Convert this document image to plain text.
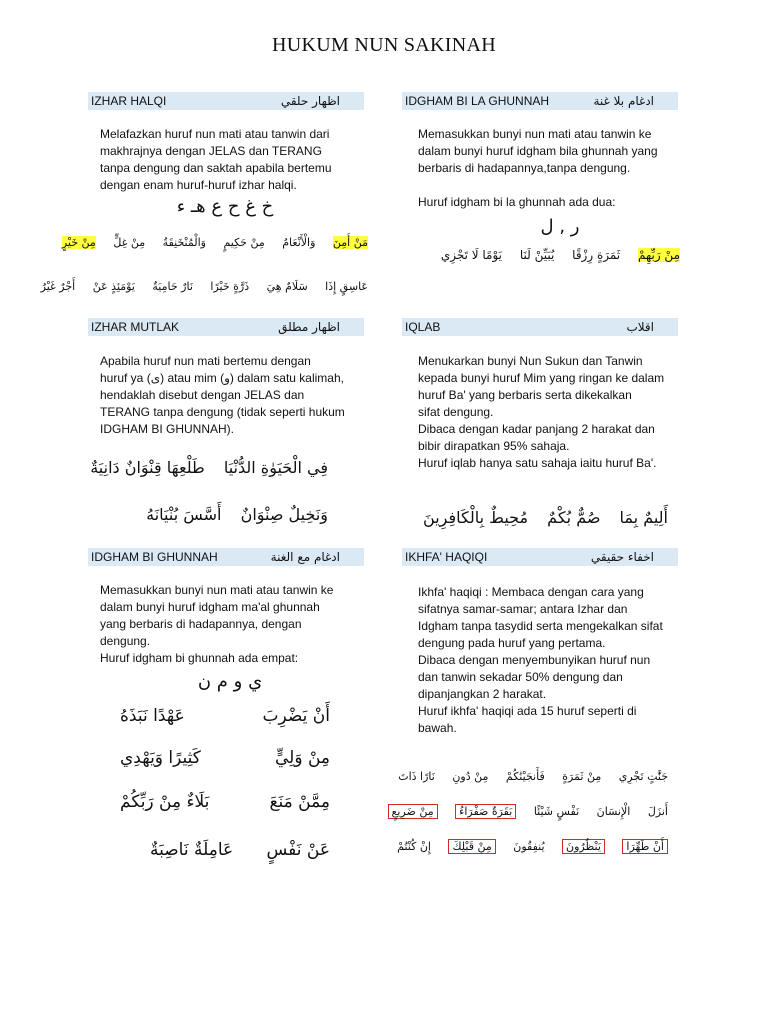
HUKUM NUN SAKINAH
IZHAR HALQI	اظهار حلقي
Melafazkan huruf nun mati atau tanwin dari
makhrajnya dengan JELAS dan TERANG
tanpa dengung dan saktah apabila bertemu
dengan enam huruf-huruf izhar halqi.
خ غ ح ع هـ ء
مَنْ أَمِنَ وَالْأَنْعَامُ مِنْ حَكِيمٍ وَالْمُنْخَنِقَةُ مِنْ غِلٍّ مِنْ خَيْرٍ
عَاسِقٍ إِذَا سَلَامٌ هِيَ ذَرَّةٍ خَيْرًا نَارٌ حَامِيَةٌ يَوْمَئِذٍ عَنْ أَجْرٌ غَيْرُ
IDGHAM BI LA GHUNNAH	ادغام بلا غنة
Memasukkan bunyi nun mati atau tanwin ke
dalam bunyi huruf idgham bila ghunnah yang
berbaris di hadapannya,tanpa dengung.

Huruf idgham bi la ghunnah ada dua:
ر , ل
مِنْ رَبِّهِمْ ثَمَرَةٍ رِزْقًا يُبَيِّنْ لَنَا يَوْمًا لَا تَجْزِي
IZHAR MUTLAK	اظهار مطلق
Apabila huruf nun mati bertemu dengan
huruf ya (ى) atau mim (و) dalam satu kalimah,
hendaklah disebut dengan JELAS dan
TERANG tanpa dengung (tidak seperti hukum
IDGHAM BI GHUNNAH).
فِي الْحَيَوٰةِ الدُّنْيَا طَلْعِهَا قِنْوَانٌ دَانِيَةٌ
وَنَخِيلٌ صِنْوَانٌ أَسَّسَ بُنْيَانَهُ
IQLAB	اقلاب
Menukarkan bunyi Nun Sukun dan Tanwin
kepada bunyi huruf Mim yang ringan ke dalam
huruf Ba' yang berbaris serta dikekalkan
sifat dengung.
Dibaca dengan kadar panjang 2 harakat dan
bibir dirapatkan 95% sahaja.
Huruf iqlab hanya satu sahaja iaitu huruf Ba'.
أَلِيمٌ بِمَا صُمٌّ بُكْمٌ مُحِيطٌ بِالْكَافِرِينَ
IDGHAM BI GHUNNAH	ادغام مع الغنة
Memasukkan bunyi nun mati atau tanwin ke
dalam bunyi huruf idgham ma'al ghunnah
yang berbaris di hadapannya, dengan
dengung.
Huruf idgham bi ghunnah ada empat:
ي و م ن
أَنْ يَضْرِبَ
عَهْدًا نَبَذَهُ
مِنْ وَلِيٍّ
كَثِيرًا وَيَهْدِي
مِمَّنْ مَنَعَ
بَلَاءٌ مِنْ رَبِّكُمْ
عَنْ نَفْسٍ
عَامِلَةٌ نَاصِبَةٌ
IKHFA' HAQIQI	اخفاء حقيقي
Ikhfa' haqiqi : Membaca dengan cara yang
sifatnya samar-samar; antara Izhar dan
Idgham tanpa tasydid serta mengekalkan sifat
dengung pada huruf yang pertama.
Dibaca dengan menyembunyikan huruf nun
dan tanwin sekadar 50% dengung dan
dipanjangkan 2 harakat.
Huruf ikhfa' haqiqi ada 15 huruf seperti di
bawah.
جَنَّٰتٍ تَجْرِي مِنْ ثَمَرَةٍ فَأَنجَيْنَٰكُمْ مِنْ دُونِ نَارًا ذَاتَ
أَنزَلَ الْإِنسَانَ نَفْسٍ شَيْئًا بَقَرَةٌ صَفْرَاءُ مِنْ ضَرِيعٍ
أَنْ طَهِّرَا يَنْظُرُونَ يُنفِقُونَ مِنْ قَبْلِكَ إِنْ كُنْتُمْ
